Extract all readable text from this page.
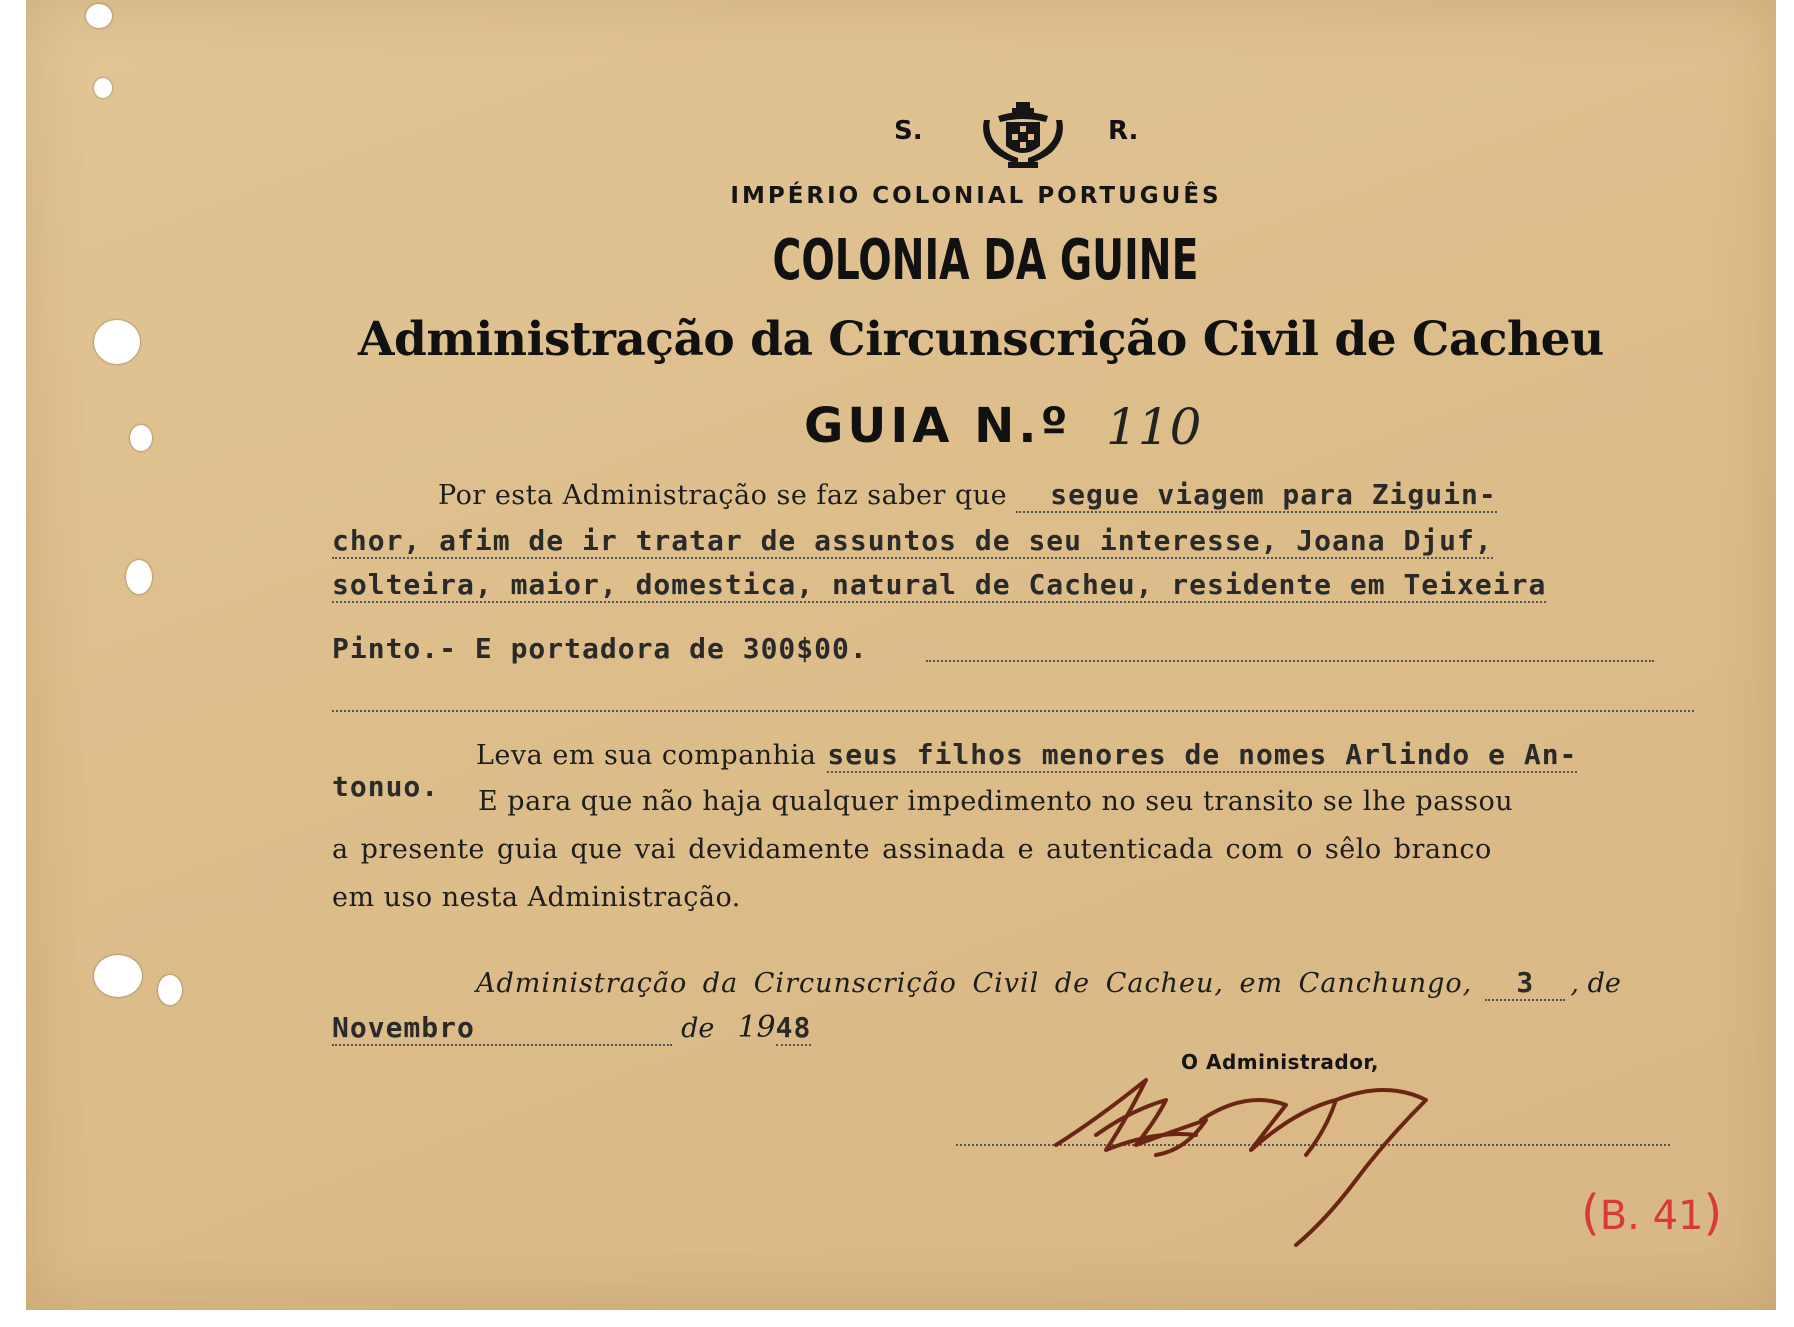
S.	R.

IMPÉRIO COLONIAL PORTUGUÊS

COLONIA DA GUINE

Administração da Circunscrição Civil de Cacheu

GUIA N.º 110

Por esta Administração se faz saber que segue viagem para Ziguin-
chor, afim de ir tratar de assuntos de seu interesse, Joana Djuf,
solteira, maior, domestica, natural de Cacheu, residente em Teixeira
Pinto.- E portadora de 300$00.
Leva em sua companhia seus filhos menores de nomes Arlindo e An-
tonuo. E para que não haja qualquer impedimento no seu transito se lhe passou
a presente guia que vai devidamente assinada e autenticada com o sêlo branco
em uso nesta Administração.
Administração da Circunscrição Civil de Cacheu, em Canchungo, 3 , de
Novembro	de 1948
O Administrador,
(B. 41)
